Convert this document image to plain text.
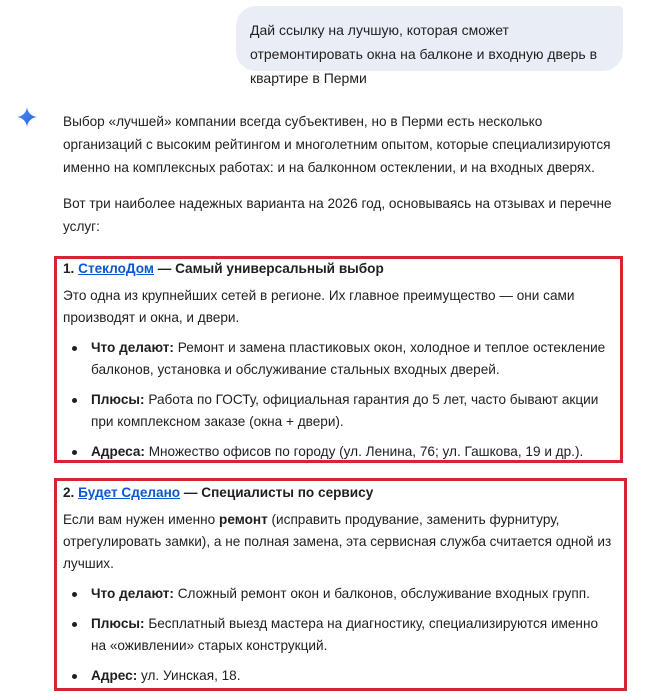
Дай ссылку на лучшую, которая сможет отремонтировать окна на балконе и входную дверь в квартире в Перми

Выбор «лучшей» компании всегда субъективен, но в Перми есть несколько организаций с высоким рейтингом и многолетним опытом, которые специализируются именно на комплексных работах: и на балконном остеклении, и на входных дверях.

Вот три наиболее надежных варианта на 2026 год, основываясь на отзывах и перечне услуг:

1. СтеклоДом — Самый универсальный выбор

Это одна из крупнейших сетей в регионе. Их главное преимущество — они сами производят и окна, и двери.

Что делают: Ремонт и замена пластиковых окон, холодное и теплое остекление балконов, установка и обслуживание стальных входных дверей.
Плюсы: Работа по ГОСТу, официальная гарантия до 5 лет, часто бывают акции при комплексном заказе (окна + двери).
Адреса: Множество офисов по городу (ул. Ленина, 76; ул. Гашкова, 19 и др.).
2. Будет Сделано — Специалисты по сервису

Если вам нужен именно ремонт (исправить продувание, заменить фурнитуру, отрегулировать замки), а не полная замена, эта сервисная служба считается одной из лучших.

Что делают: Сложный ремонт окон и балконов, обслуживание входных групп.
Плюсы: Бесплатный выезд мастера на диагностику, специализируются именно на «оживлении» старых конструкций.
Адрес: ул. Уинская, 18.
